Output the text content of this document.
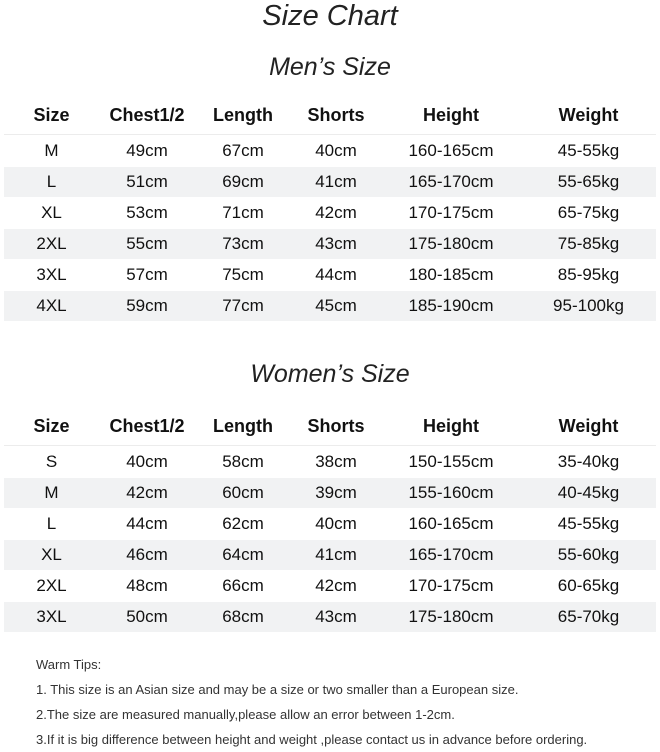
Size Chart
Men’s Size
Size	Chest1/2	Length	Shorts	Height	Weight
M	49cm	67cm	40cm	160-165cm	45-55kg
L	51cm	69cm	41cm	165-170cm	55-65kg
XL	53cm	71cm	42cm	170-175cm	65-75kg
2XL	55cm	73cm	43cm	175-180cm	75-85kg
3XL	57cm	75cm	44cm	180-185cm	85-95kg
4XL	59cm	77cm	45cm	185-190cm	95-100kg
Women’s Size
Size	Chest1/2	Length	Shorts	Height	Weight
S	40cm	58cm	38cm	150-155cm	35-40kg
M	42cm	60cm	39cm	155-160cm	40-45kg
L	44cm	62cm	40cm	160-165cm	45-55kg
XL	46cm	64cm	41cm	165-170cm	55-60kg
2XL	48cm	66cm	42cm	170-175cm	60-65kg
3XL	50cm	68cm	43cm	175-180cm	65-70kg
Warm Tips:
1. This size is an Asian size and may be a size or two smaller than a European size.
2.The size are measured manually,please allow an error between 1-2cm.
3.If it is big difference between height and weight ,please contact us in advance before ordering.
